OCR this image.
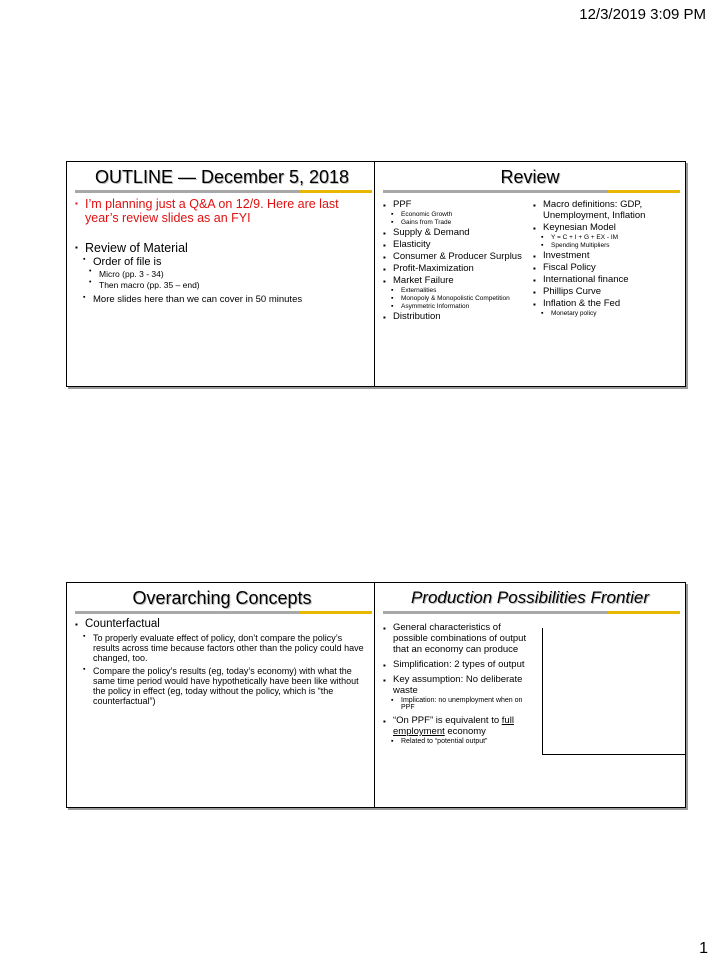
12/3/2019 3:09 PM
OUTLINE — December 5, 2018
▪ I’m planning just a Q&A on 12/9. Here are last year’s review slides as an FYI
▪ Review of Material
▪ Order of file is
• Micro (pp. 3 - 34)
• Then macro (pp. 35 – end)
▪ More slides here than we can cover in 50 minutes
Review
▪ PPF
▪ Economic Growth
▪ Gains from Trade
▪ Supply & Demand
▪ Elasticity
▪ Consumer & Producer Surplus
▪ Profit-Maximization
▪ Market Failure
▪ Externalities
▪ Monopoly & Monopolistic Competition
▪ Asymmetric Information
▪ Distribution
▪ Macro definitions: GDP, Unemployment, Inflation
▪ Keynesian Model
▪ Y = C + I + G + EX - IM
▪ Spending Multipliers
▪ Investment
▪ Fiscal Policy
▪ International finance
▪ Phillips Curve
▪ Inflation & the Fed
▪ Monetary policy
Overarching Concepts
▪ Counterfactual
▪ To properly evaluate effect of policy, don’t compare the policy’s results across time because factors other than the policy could have changed, too.
▪ Compare the policy’s results (eg, today’s economy) with what the same time period would have hypothetically have been like without the policy in effect (eg, today without the policy, which is “the counterfactual”)
Production Possibilities Frontier
▪ General characteristics of possible combinations of output that an economy can produce
▪ Simplification: 2 types of output
▪ Key assumption: No deliberate waste
▪ Implication: no unemployment when on PPF
▪ “On PPF” is equivalent to full employment economy
▪ Related to “potential output”
1
